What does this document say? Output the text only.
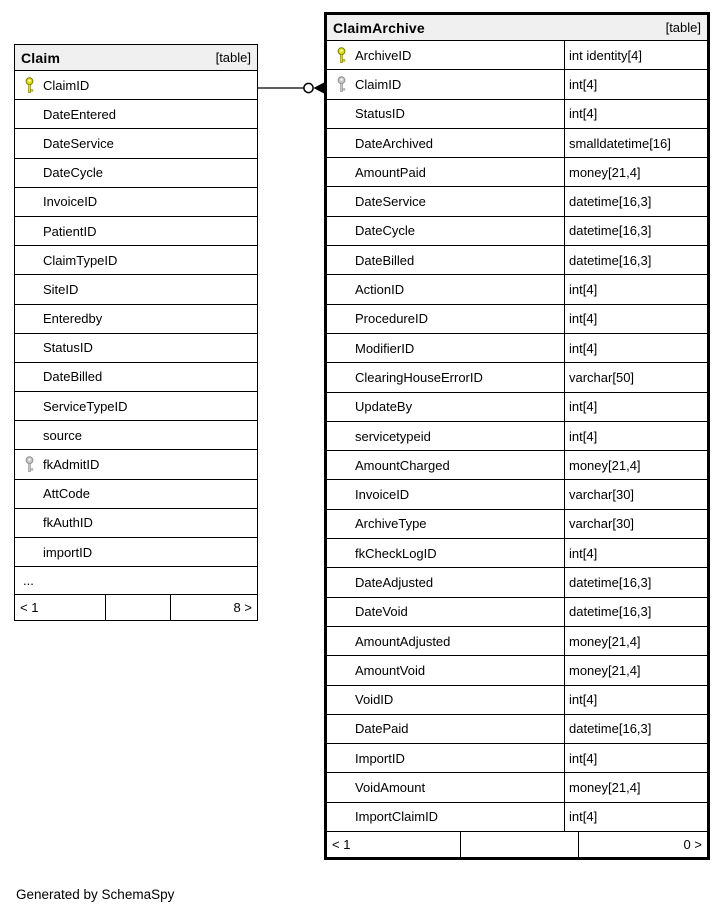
Claim	[table]
ClaimID
DateEntered
DateService
DateCycle
InvoiceID
PatientID
ClaimTypeID
SiteID
Enteredby
StatusID
DateBilled
ServiceTypeID
source
fkAdmitID
AttCode
fkAuthID
importID
...
< 1	8 >
ClaimArchive	[table]
ArchiveID	int identity[4]
ClaimID	int[4]
StatusID	int[4]
DateArchived	smalldatetime[16]
AmountPaid	money[21,4]
DateService	datetime[16,3]
DateCycle	datetime[16,3]
DateBilled	datetime[16,3]
ActionID	int[4]
ProcedureID	int[4]
ModifierID	int[4]
ClearingHouseErrorID	varchar[50]
UpdateBy	int[4]
servicetypeid	int[4]
AmountCharged	money[21,4]
InvoiceID	varchar[30]
ArchiveType	varchar[30]
fkCheckLogID	int[4]
DateAdjusted	datetime[16,3]
DateVoid	datetime[16,3]
AmountAdjusted	money[21,4]
AmountVoid	money[21,4]
VoidID	int[4]
DatePaid	datetime[16,3]
ImportID	int[4]
VoidAmount	money[21,4]
ImportClaimID	int[4]
< 1	0 >
Generated by SchemaSpy
